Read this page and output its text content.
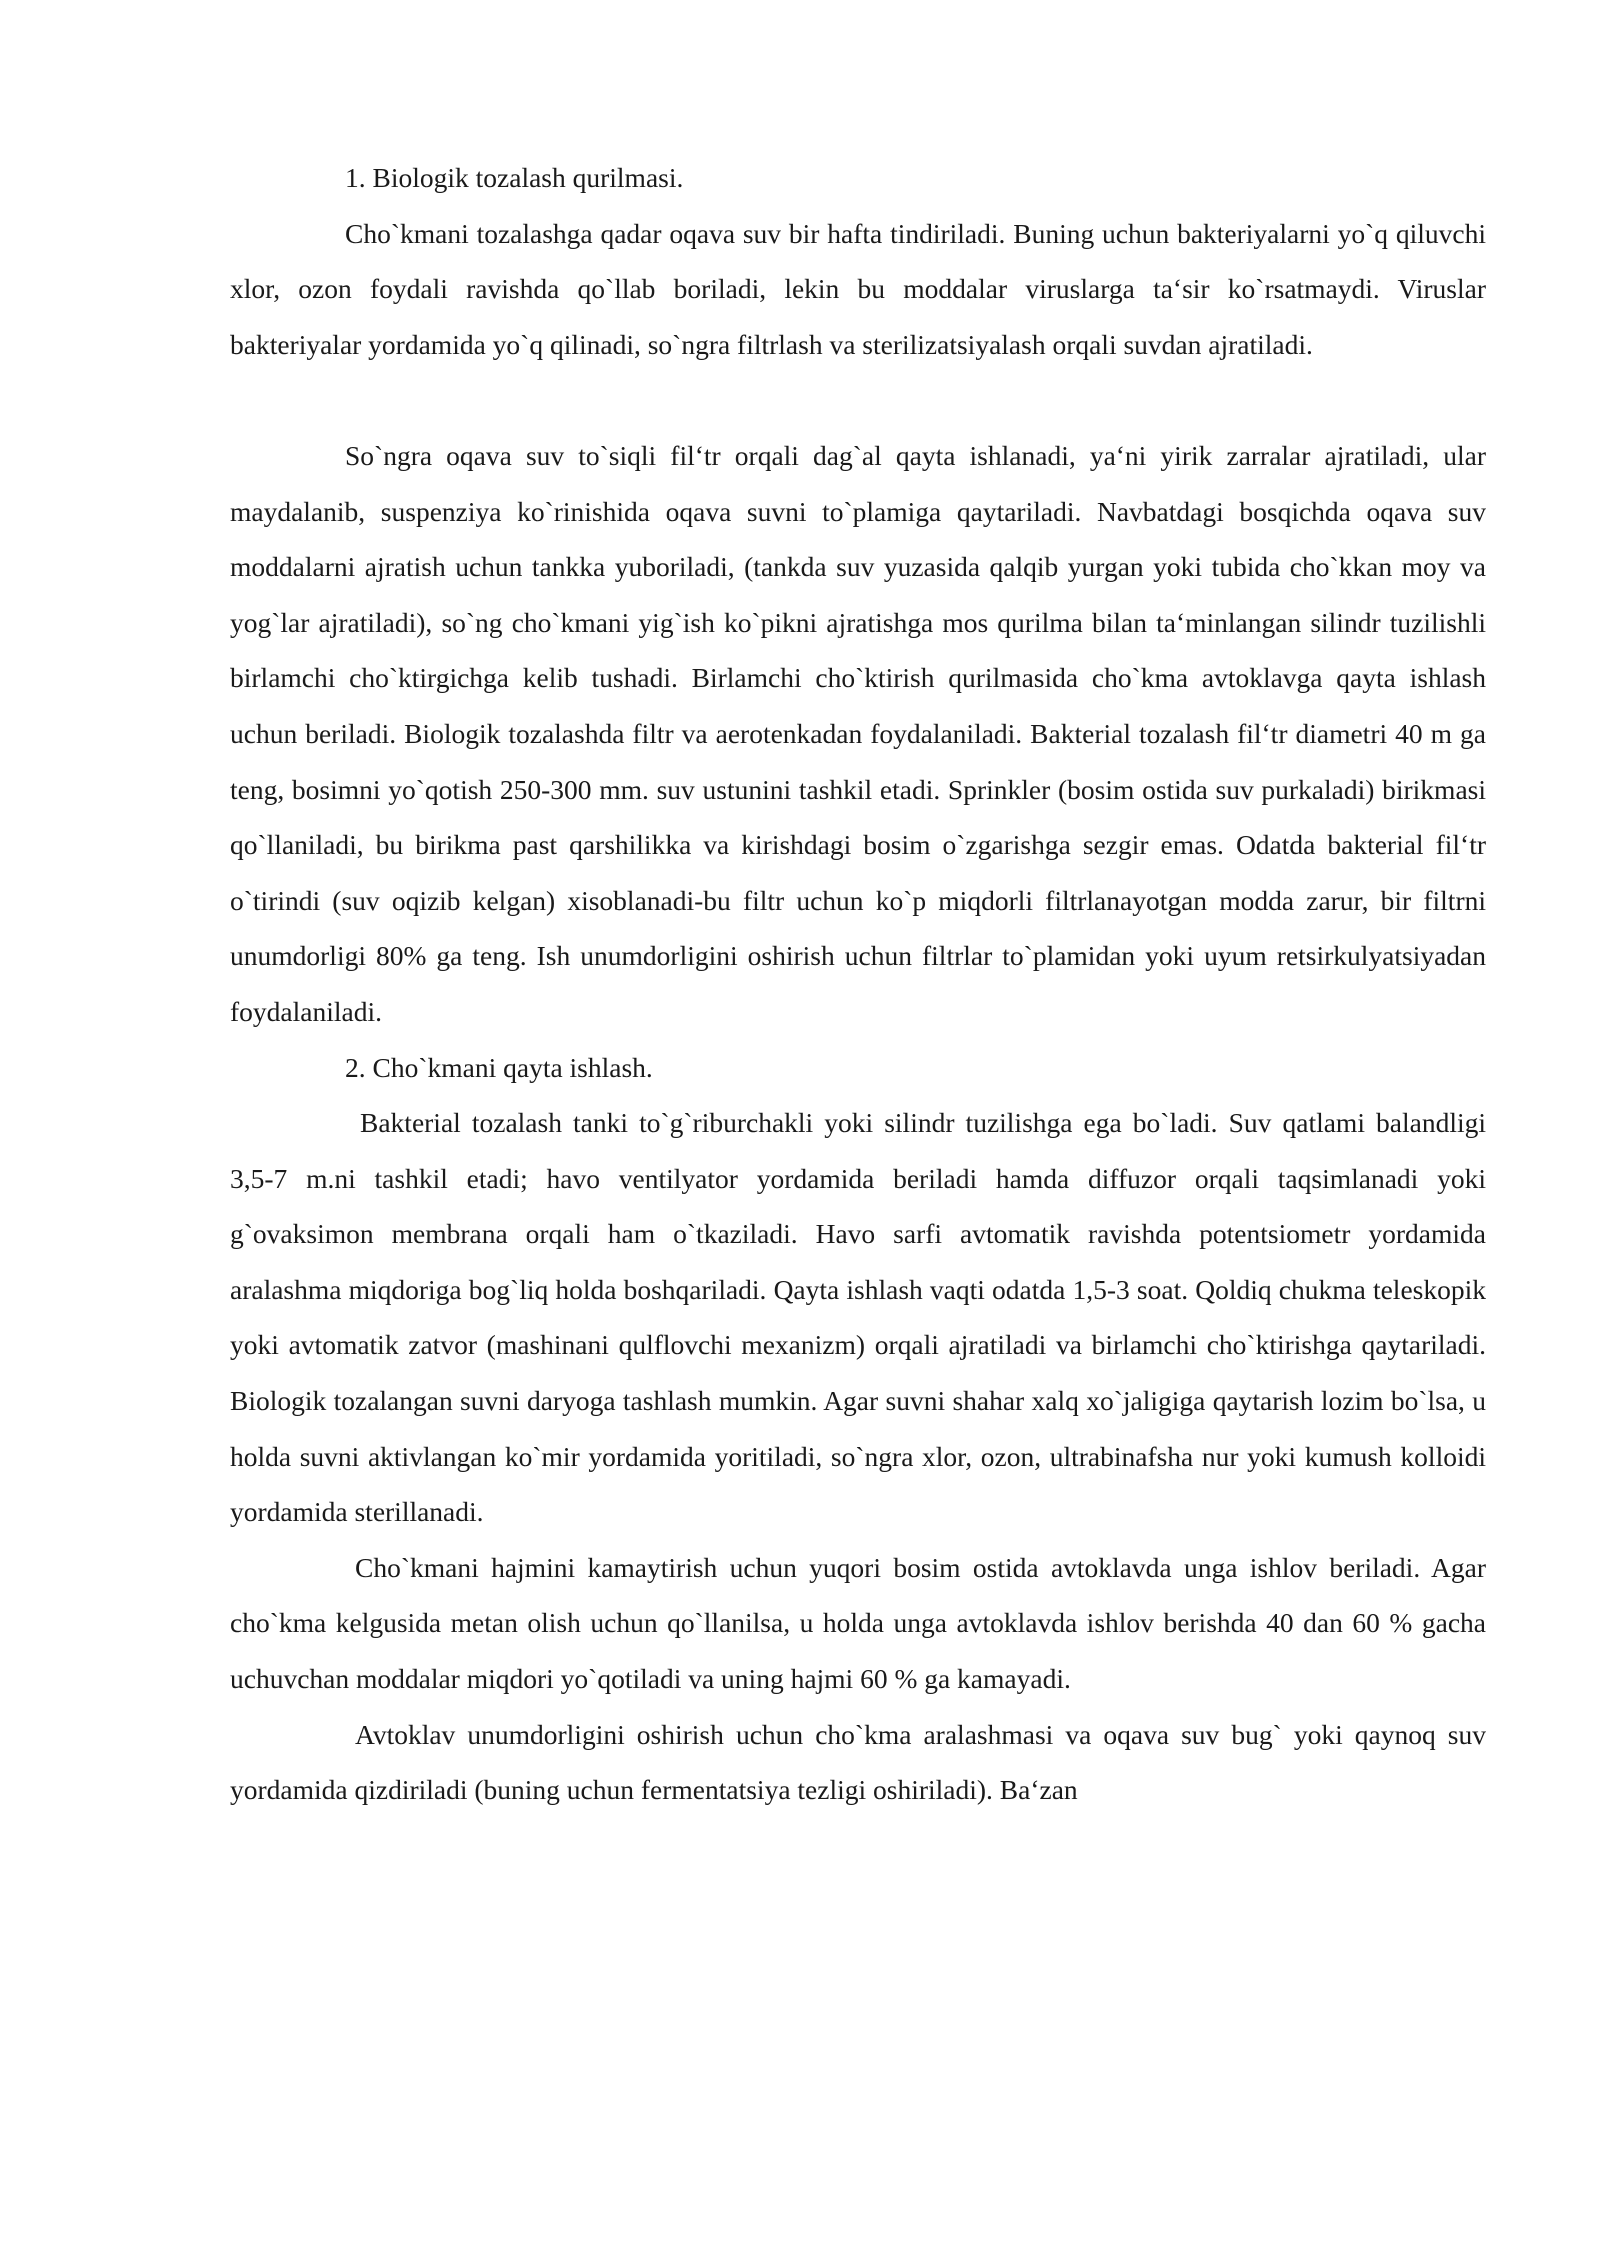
1. Biologik tozalash qurilmasi.

Cho`kmani tozalashga qadar oqava suv bir hafta tindiriladi. Buning uchun bakteriyalarni yo`q qiluvchi xlor, ozon foydali ravishda qo`llab boriladi, lekin bu moddalar viruslarga ta‘sir ko`rsatmaydi. Viruslar bakteriyalar yordamida yo`q qilinadi, so`ngra filtrlash va sterilizatsiyalash orqali suvdan ajratiladi.

So`ngra oqava suv to`siqli fil‘tr orqali dag`al qayta ishlanadi, ya‘ni yirik zarralar ajratiladi, ular maydalanib, suspenziya ko`rinishida oqava suvni to`plamiga qaytariladi. Navbatdagi bosqichda oqava suv moddalarni ajratish uchun tankka yuboriladi, (tankda suv yuzasida qalqib yurgan yoki tubida cho`kkan moy va yog`lar ajratiladi), so`ng cho`kmani yig`ish ko`pikni ajratishga mos qurilma bilan ta‘minlangan silindr tuzilishli birlamchi cho`ktirgichga kelib tushadi. Birlamchi cho`ktirish qurilmasida cho`kma avtoklavga qayta ishlash uchun beriladi. Biologik tozalashda filtr va aerotenkadan foydalaniladi. Bakterial tozalash fil‘tr diametri 40 m ga teng, bosimni yo`qotish 250-300 mm. suv ustunini tashkil etadi. Sprinkler (bosim ostida suv purkaladi) birikmasi qo`llaniladi, bu birikma past qarshilikka va kirishdagi bosim o`zgarishga sezgir emas. Odatda bakterial fil‘tr o`tirindi (suv oqizib kelgan) xisoblanadi-bu filtr uchun ko`p miqdorli filtrlanayotgan modda zarur, bir filtrni unumdorligi 80% ga teng. Ish unumdorligini oshirish uchun filtrlar to`plamidan yoki uyum retsirkulyatsiyadan foydalaniladi.

2. Cho`kmani qayta ishlash.

Bakterial tozalash tanki to`g`riburchakli yoki silindr tuzilishga ega bo`ladi. Suv qatlami balandligi 3,5-7 m.ni tashkil etadi; havo ventilyator yordamida beriladi hamda diffuzor orqali taqsimlanadi yoki g`ovaksimon membrana orqali ham o`tkaziladi. Havo sarfi avtomatik ravishda potentsiometr yordamida aralashma miqdoriga bog`liq holda boshqariladi. Qayta ishlash vaqti odatda 1,5-3 soat. Qoldiq chukma teleskopik yoki avtomatik zatvor (mashinani qulflovchi mexanizm) orqali ajratiladi va birlamchi cho`ktirishga qaytariladi. Biologik tozalangan suvni daryoga tashlash mumkin. Agar suvni shahar xalq xo`jaligiga qaytarish lozim bo`lsa, u holda suvni aktivlangan ko`mir yordamida yoritiladi, so`ngra xlor, ozon, ultrabinafsha nur yoki kumush kolloidi yordamida sterillanadi.

Cho`kmani hajmini kamaytirish uchun yuqori bosim ostida avtoklavda unga ishlov beriladi. Agar cho`kma kelgusida metan olish uchun qo`llanilsa, u holda unga avtoklavda ishlov berishda 40 dan 60 % gacha uchuvchan moddalar miqdori yo`qotiladi va uning hajmi 60 % ga kamayadi.

Avtoklav unumdorligini oshirish uchun cho`kma aralashmasi va oqava suv bug` yoki qaynoq suv yordamida qizdiriladi (buning uchun fermentatsiya tezligi oshiriladi). Ba‘zan
